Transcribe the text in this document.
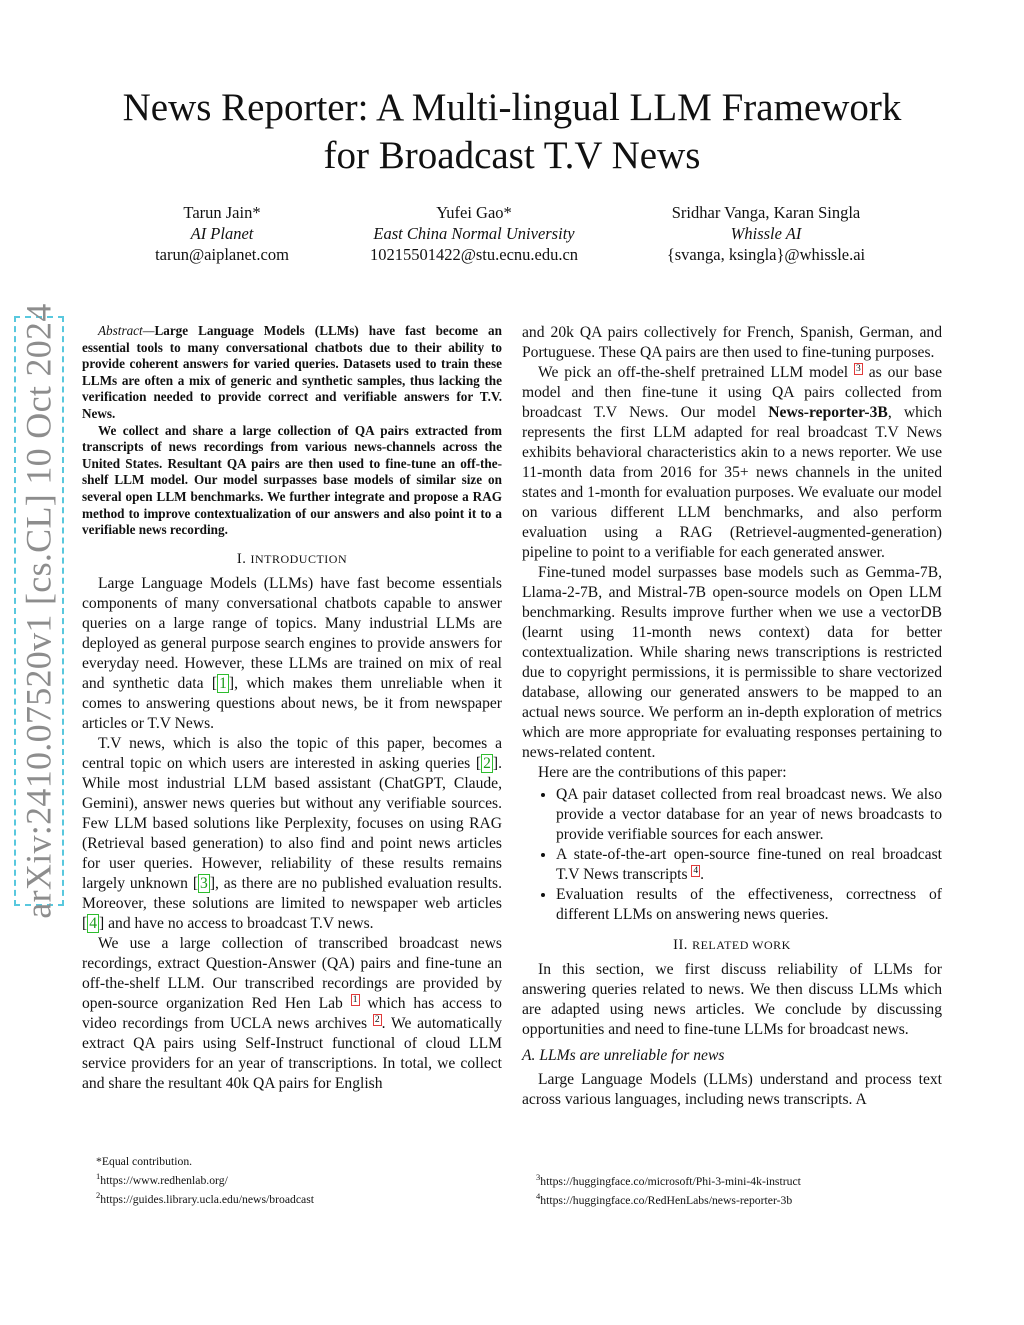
arXiv:2410.07520v1 [cs.CL] 10 Oct 2024
News Reporter: A Multi-lingual LLM Framework
for Broadcast T.V News
Tarun Jain*
AI Planet
tarun@aiplanet.com
Yufei Gao*
East China Normal University
10215501422@stu.ecnu.edu.cn
Sridhar Vanga, Karan Singla
Whissle AI
{svanga, ksingla}@whissle.ai

Abstract—Large Language Models (LLMs) have fast become an essential tools to many conversational chatbots due to their ability to provide coherent answers for varied queries. Datasets used to train these LLMs are often a mix of generic and synthetic samples, thus lacking the verification needed to provide correct and verifiable answers for T.V. News.

We collect and share a large collection of QA pairs extracted from transcripts of news recordings from various news-channels across the United States. Resultant QA pairs are then used to fine-tune an off-the-shelf LLM model. Our model surpasses base models of similar size on several open LLM benchmarks. We further integrate and propose a RAG method to improve contextualization of our answers and also point it to a verifiable news recording.

I. INTRODUCTION

Large Language Models (LLMs) have fast become essentials components of many conversational chatbots capable to answer queries on a large range of topics. Many industrial LLMs are deployed as general purpose search engines to provide answers for everyday need. However, these LLMs are trained on mix of real and synthetic data [ 1 ], which makes them unreliable when it comes to answering questions about news, be it from newspaper articles or T.V News.

T.V news, which is also the topic of this paper, becomes a central topic on which users are interested in asking queries [ 2 ]. While most industrial LLM based assistant (ChatGPT, Claude, Gemini), answer news queries but without any verifiable sources. Few LLM based solutions like Perplexity, focuses on using RAG (Retrieval based generation) to also find and point news articles for user queries. However, reliability of these results remains largely unknown [ 3 ], as there are no published evaluation results. Moreover, these solutions are limited to newspaper web articles [ 4 ] and have no access to broadcast T.V news.

We use a large collection of transcribed broadcast news recordings, extract Question-Answer (QA) pairs and fine-tune an off-the-shelf LLM. Our transcribed recordings are provided by open-source organization Red Hen Lab $^1$ which has access to video recordings from UCLA news archives $^2$ . We automatically extract QA pairs using Self-Instruct functional of cloud LLM service providers for an year of transcriptions. In total, we collect and share the resultant 40k QA pairs for English

*Equal contribution.
$^1$https://www.redhenlab.org/
$^2$https://guides.library.ucla.edu/news/broadcast

and 20k QA pairs collectively for French, Spanish, German, and Portuguese. These QA pairs are then used to fine-tuning purposes.

We pick an off-the-shelf pretrained LLM model $^3$ as our base model and then fine-tune it using QA pairs collected from broadcast T.V News. Our model News-reporter-3B, which represents the first LLM adapted for real broadcast T.V News exhibits behavioral characteristics akin to a news reporter. We use 11-month data from 2016 for 35+ news channels in the united states and 1-month for evaluation purposes. We evaluate our model on various different LLM benchmarks, and also perform evaluation using a RAG (Retrievel-augmented-generation) pipeline to point to a verifiable for each generated answer.

Fine-tuned model surpasses base models such as Gemma-7B, Llama-2-7B, and Mistral-7B open-source models on Open LLM benchmarking. Results improve further when we use a vectorDB (learnt using 11-month news context) data for better contextualization. While sharing news transcriptions is restricted due to copyright permissions, it is permissible to share vectorized database, allowing our generated answers to be mapped to an actual news source. We perform an in-depth exploration of metrics which are more appropriate for evaluating responses pertaining to news-related content.

Here are the contributions of this paper:

• QA pair dataset collected from real broadcast news. We also provide a vector database for an year of news broadcasts to provide verifiable sources for each answer.
• A state-of-the-art open-source fine-tuned on real broadcast T.V News transcripts $^4$ .
• Evaluation results of the effectiveness, correctness of different LLMs on answering news queries.
II. RELATED WORK

In this section, we first discuss reliability of LLMs for answering queries related to news. We then discuss LLMs which are adapted using news articles. We conclude by discussing opportunities and need to fine-tune LLMs for broadcast news.

A. LLMs are unreliable for news

Large Language Models (LLMs) understand and process text across various languages, including news transcripts. A

$^3$https://huggingface.co/microsoft/Phi-3-mini-4k-instruct
$^4$https://huggingface.co/RedHenLabs/news-reporter-3b
